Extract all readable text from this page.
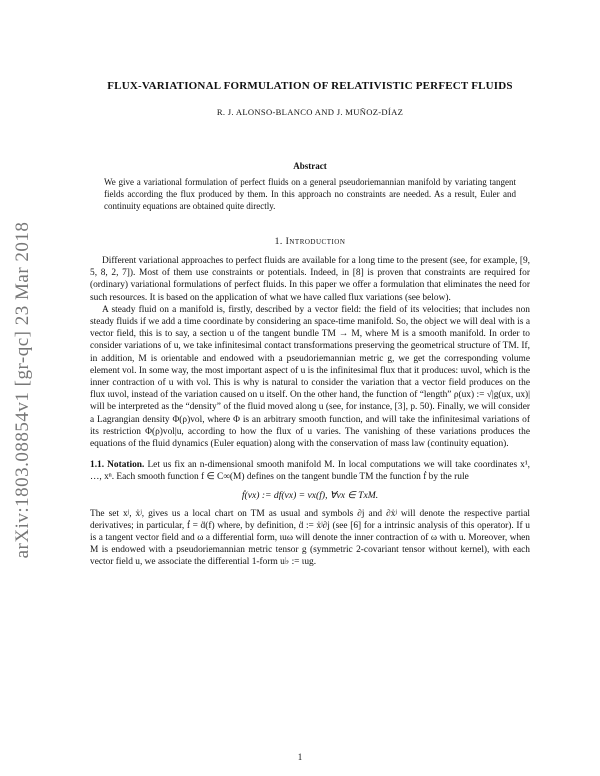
arXiv:1803.08854v1 [gr-qc] 23 Mar 2018
FLUX-VARIATIONAL FORMULATION OF RELATIVISTIC PERFECT FLUIDS
R. J. ALONSO-BLANCO AND J. MUÑOZ-DÍAZ
Abstract
We give a variational formulation of perfect fluids on a general pseudoriemannian manifold by variating tangent fields according the flux produced by them. In this approach no constraints are needed. As a result, Euler and continuity equations are obtained quite directly.
1. Introduction

Different variational approaches to perfect fluids are available for a long time to the present (see, for example, [9, 5, 8, 2, 7]). Most of them use constraints or potentials. Indeed, in [8] is proven that constraints are required for (ordinary) variational formulations of perfect fluids. In this paper we offer a formulation that eliminates the need for such resources. It is based on the application of what we have called flux variations (see below).

A steady fluid on a manifold is, firstly, described by a vector field: the field of its velocities; that includes non steady fluids if we add a time coordinate by considering an space-time manifold. So, the object we will deal with is a vector field, this is to say, a section u of the tangent bundle TM → M, where M is a smooth manifold. In order to consider variations of u, we take infinitesimal contact transformations preserving the geometrical structure of TM. If, in addition, M is orientable and endowed with a pseudoriemannian metric g, we get the corresponding volume element vol. In some way, the most important aspect of u is the infinitesimal flux that it produces: ιuvol, which is the inner contraction of u with vol. This is why is natural to consider the variation that a vector field produces on the flux ιuvol, instead of the variation caused on u itself. On the other hand, the function of “length” ρ(ux) := √|g(ux, ux)| will be interpreted as the “density” of the fluid moved along u (see, for instance, [3], p. 50). Finally, we will consider a Lagrangian density Φ(ρ)vol, where Φ is an arbitrary smooth function, and will take the infinitesimal variations of its restriction Φ(ρ)vol|u, according to how the flux of u varies. The vanishing of these variations produces the equations of the fluid dynamics (Euler equation) along with the conservation of mass law (continuity equation).

1.1. Notation. Let us fix an n-dimensional smooth manifold M. In local computations we will take coordinates x¹, …, xⁿ. Each smooth function f ∈ C∞(M) defines on the tangent bundle TM the function ḟ by the rule

ḟ(vx) := df(vx) = vx(f), ∀vx ∈ TxM.

The set xʲ, ẋʲ, gives us a local chart on TM as usual and symbols ∂j and ∂ẋʲ will denote the respective partial derivatives; in particular, ḟ = ḋ(f) where, by definition, ḋ := ẋʲ∂j (see [6] for a intrinsic analysis of this operator). If u is a tangent vector field and ω a differential form, ιuω will denote the inner contraction of ω with u. Moreover, when M is endowed with a pseudoriemannian metric tensor g (symmetric 2-covariant tensor without kernel), with each vector field u, we associate the differential 1-form u♭ := ιug.

1
